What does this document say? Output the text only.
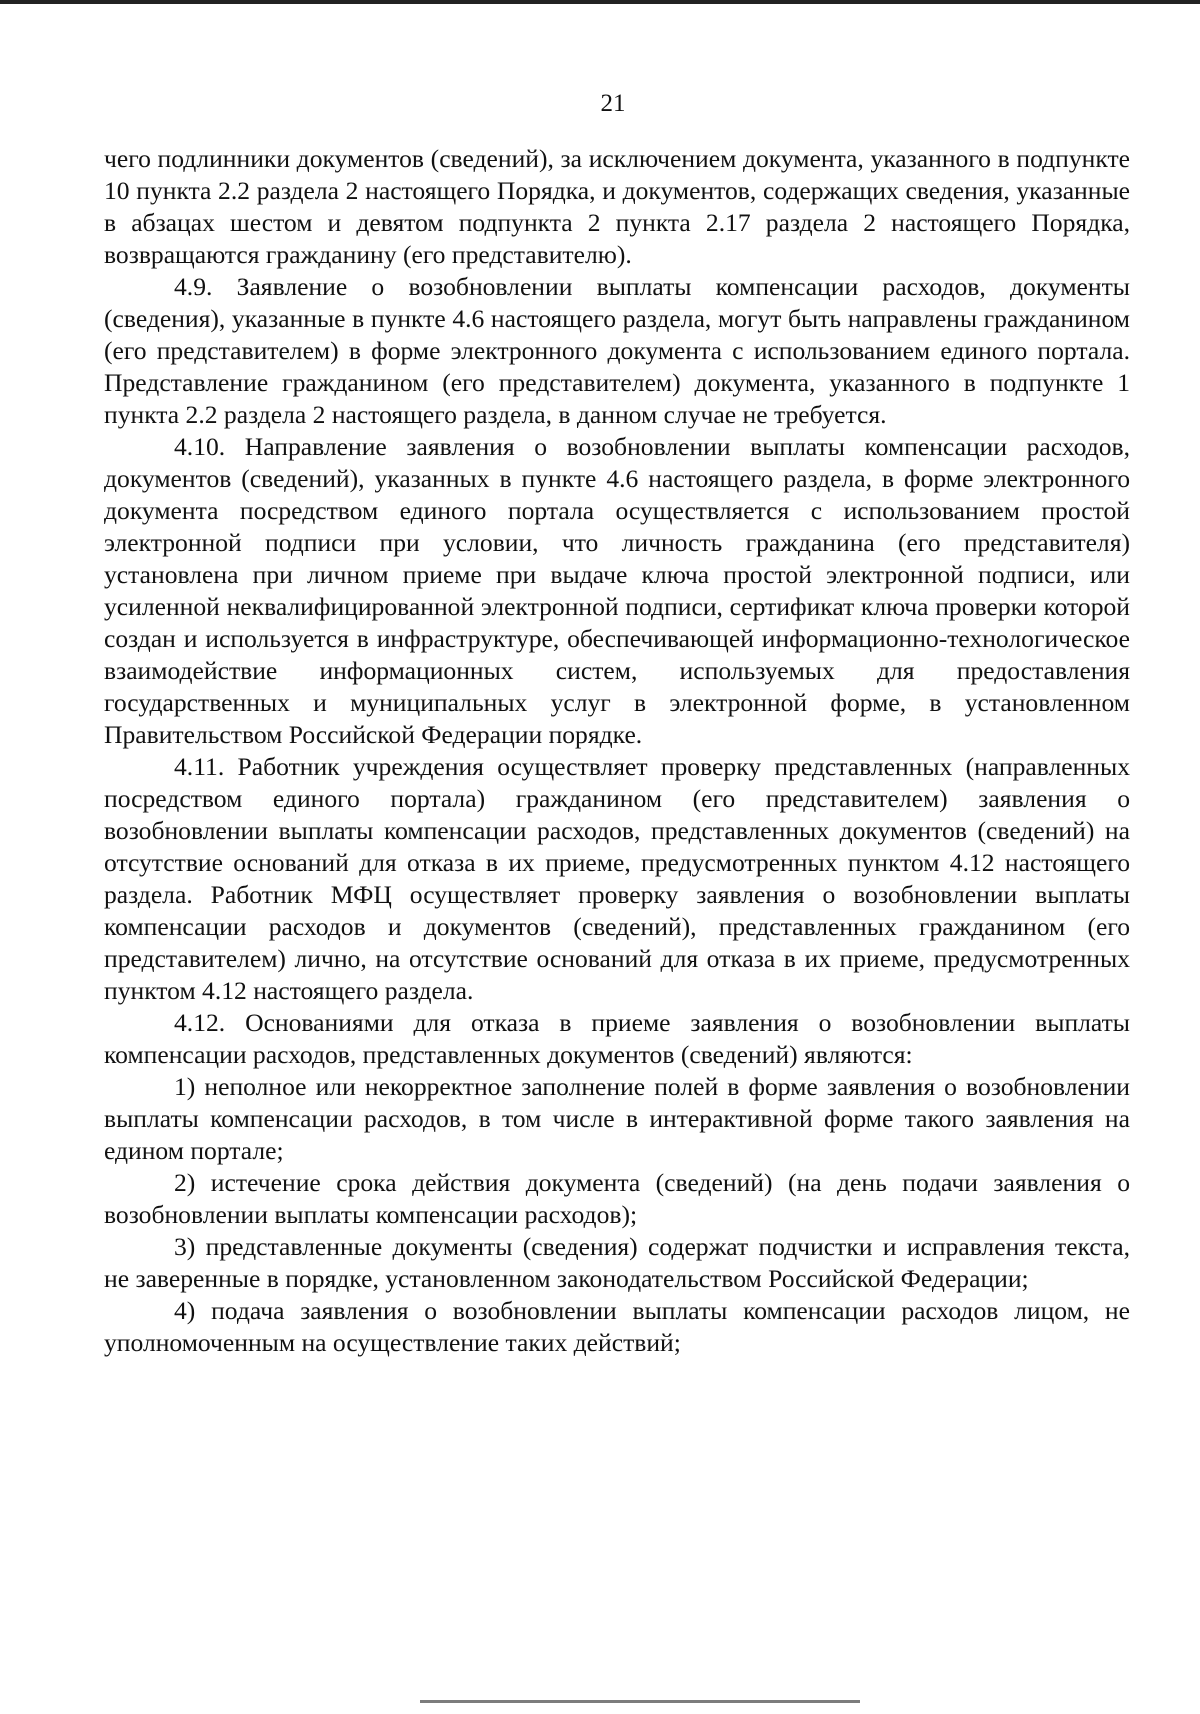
21

чего подлинники документов (сведений), за исключением документа, указанного в подпункте 10 пункта 2.2 раздела 2 настоящего Порядка, и документов, содержащих сведения, указанные в абзацах шестом и девятом подпункта 2 пункта 2.17 раздела 2 настоящего Порядка, возвращаются гражданину (его представителю).

4.9. Заявление о возобновлении выплаты компенсации расходов, документы (сведения), указанные в пункте 4.6 настоящего раздела, могут быть направлены гражданином (его представителем) в форме электронного документа с использованием единого портала. Представление гражданином (его представителем) документа, указанного в подпункте 1 пункта 2.2 раздела 2 настоящего раздела, в данном случае не требуется.

4.10. Направление заявления о возобновлении выплаты компенсации расходов, документов (сведений), указанных в пункте 4.6 настоящего раздела, в форме электронного документа посредством единого портала осуществляется с использованием простой электронной подписи при условии, что личность гражданина (его представителя) установлена при личном приеме при выдаче ключа простой электронной подписи, или усиленной неквалифицированной электронной подписи, сертификат ключа проверки которой создан и используется в инфраструктуре, обеспечивающей информационно-технологическое взаимодействие информационных систем, используемых для предоставления государственных и муниципальных услуг в электронной форме, в установленном Правительством Российской Федерации порядке.

4.11. Работник учреждения осуществляет проверку представленных (направленных посредством единого портала) гражданином (его представителем) заявления о возобновлении выплаты компенсации расходов, представленных документов (сведений) на отсутствие оснований для отказа в их приеме, предусмотренных пунктом 4.12 настоящего раздела. Работник МФЦ осуществляет проверку заявления о возобновлении выплаты компенсации расходов и документов (сведений), представленных гражданином (его представителем) лично, на отсутствие оснований для отказа в их приеме, предусмотренных пунктом 4.12 настоящего раздела.

4.12. Основаниями для отказа в приеме заявления о возобновлении выплаты компенсации расходов, представленных документов (сведений) являются:

1) неполное или некорректное заполнение полей в форме заявления о возобновлении выплаты компенсации расходов, в том числе в интерактивной форме такого заявления на едином портале;

2) истечение срока действия документа (сведений) (на день подачи заявления о возобновлении выплаты компенсации расходов);

3) представленные документы (сведения) содержат подчистки и исправления текста, не заверенные в порядке, установленном законодательством Российской Федерации;

4) подача заявления о возобновлении выплаты компенсации расходов лицом, не уполномоченным на осуществление таких действий;
